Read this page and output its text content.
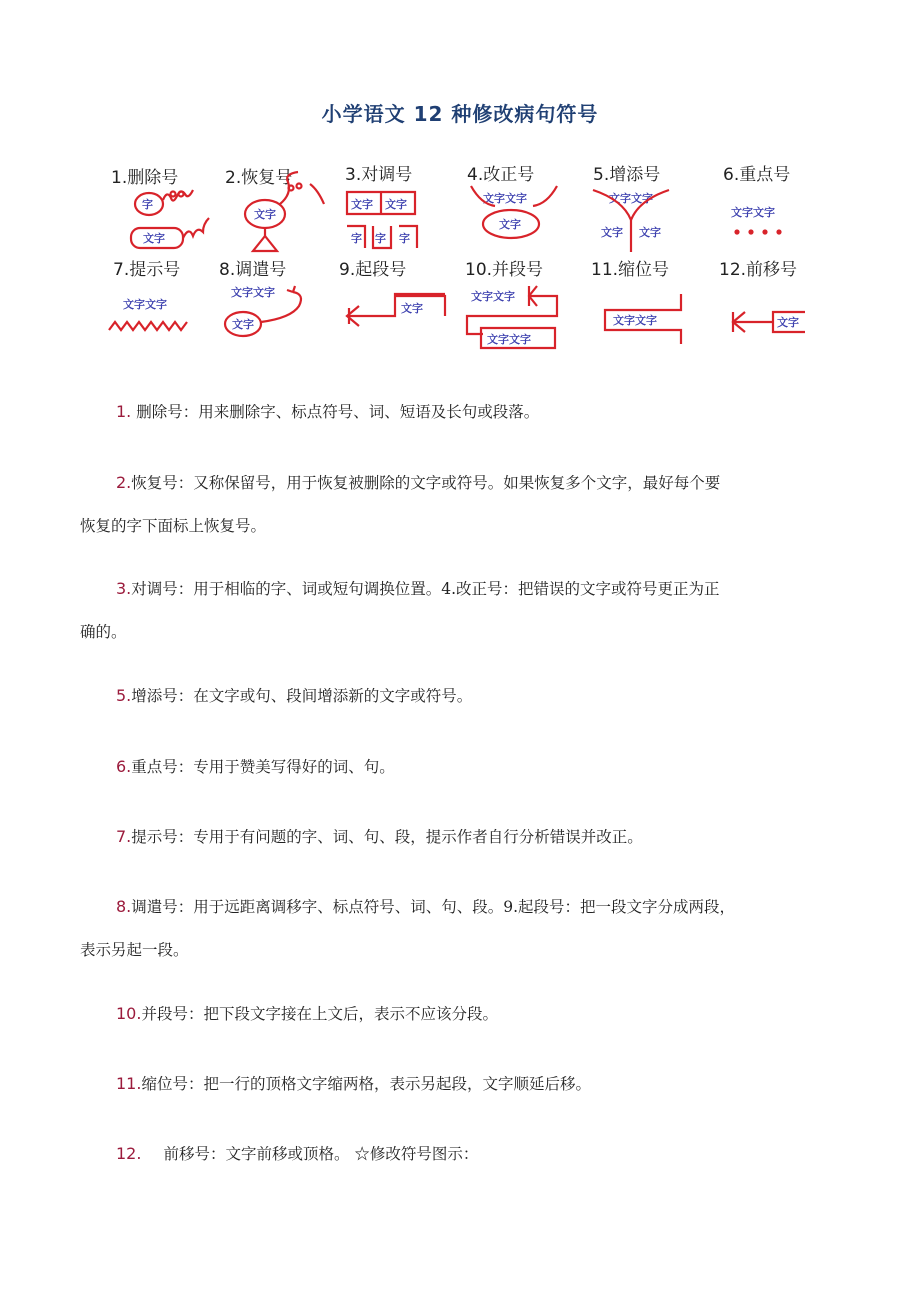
小学语文 12 种修改病句符号
1.删除号	2.恢复号	3.对调号	4.改正号	5.增添号	6.重点号
字
文字
文字
文字 文字
字 字 字
文字文字
文字
文字文字
文字 文字
文字文字
7.提示号 8.调遣号	9.起段号	10.并段号	11.缩位号	12.前移号
文字文字
文字文字
文字
文字
文字文字
文字文字
文字文字	文字
1. 删除号：用来删除字、标点符号、词、短语及长句或段落。
2.恢复号：又称保留号，用于恢复被删除的文字或符号。如果恢复多个文字，最好每个要
恢复的字下面标上恢复号。
3.对调号：用于相临的字、词或短句调换位置。4.改正号：把错误的文字或符号更正为正
确的。
5.增添号：在文字或句、段间增添新的文字或符号。
6.重点号：专用于赞美写得好的词、句。
7.提示号：专用于有问题的字、词、句、段，提示作者自行分析错误并改正。
8.调遣号：用于远距离调移字、标点符号、词、句、段。9.起段号：把一段文字分成两段，
表示另起一段。
10.并段号：把下段文字接在上文后，表示不应该分段。
11.缩位号：把一行的顶格文字缩两格，表示另起段，文字顺延后移。
12. 前移号：文字前移或顶格。 ☆修改符号图示：
